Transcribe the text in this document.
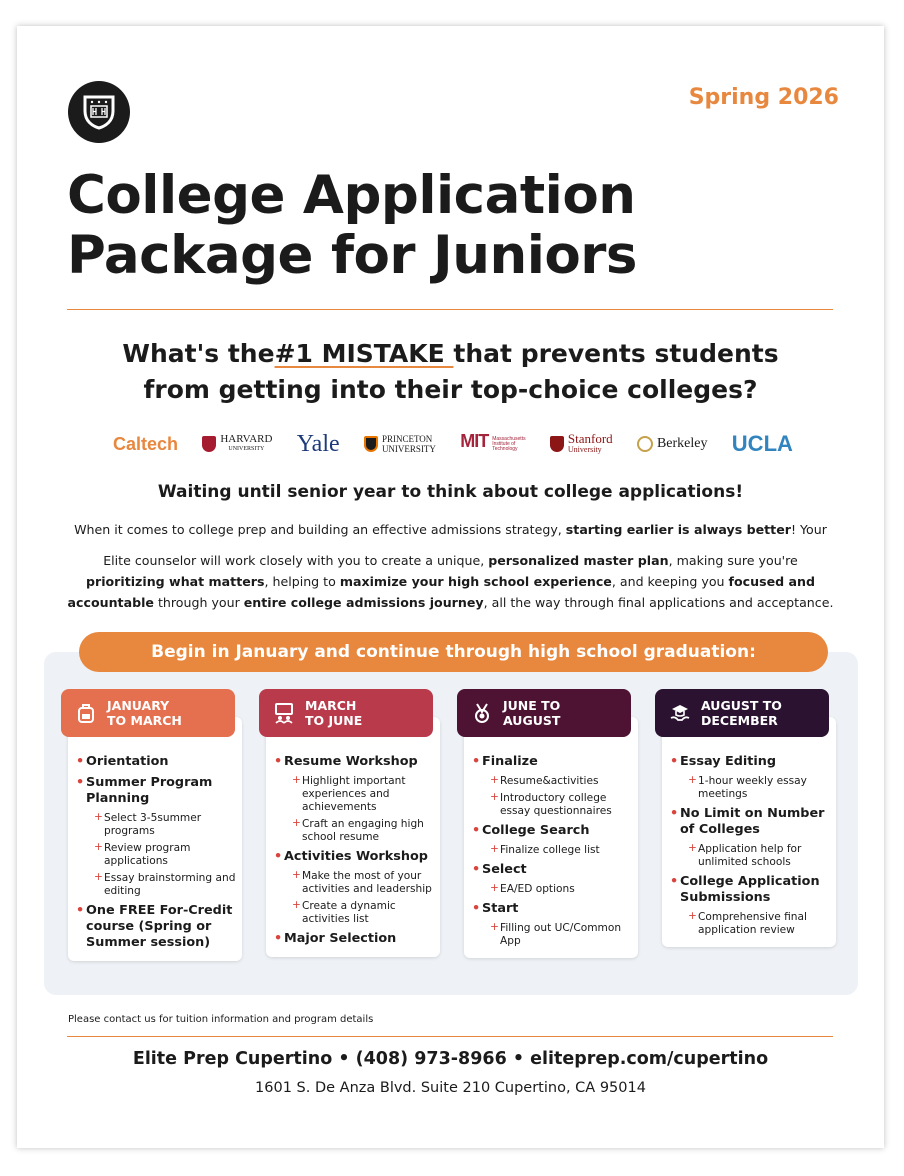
Spring 2026
College Application
Package for Juniors
What's the#1 MISTAKE that prevents students
from getting into their top-choice colleges?
Caltech	HARVARD
UNIVERSITY	Yale	PRINCETON
UNIVERSITY MIT Massachusetts
Institute of
Technology
Stanford
University	Berkeley UCLA
Waiting until senior year to think about college applications!
When it comes to college prep and building an effective admissions strategy, starting earlier is always better! Your
Elite counselor will work closely with you to create a unique, personalized master plan, making sure you're prioritizing what matters, helping to maximize your high school experience, and keeping you focused and accountable through your entire college admissions journey, all the way through final applications and acceptance.
Begin in January and continue through high school graduation:
• Orientation
• Summer Program Planning
+ Select 3-5summer programs
+ Review program applications
+ Essay brainstorming and editing
• One FREE For-Credit course (Spring or Summer session)
JANUARY
TO MARCH
• Resume Workshop
+ Highlight important experiences and achievements
+ Craft an engaging high school resume
• Activities Workshop
+ Make the most of your activities and leadership
+ Create a dynamic activities list
• Major Selection
MARCH
TO JUNE
• Finalize
+ Resume&activities
+ Introductory college essay questionnaires
• College Search
+ Finalize college list
• Select
+ EA/ED options
• Start
+ Filling out UC/Common App
JUNE TO
AUGUST
• Essay Editing
+ 1-hour weekly essay meetings
• No Limit on Number of Colleges
+ Application help for unlimited schools
• College Application Submissions
+ Comprehensive final application review
AUGUST TO
DECEMBER
Please contact us for tuition information and program details
Elite Prep Cupertino • (408) 973-8966 • eliteprep.com/cupertino
1601 S. De Anza Blvd. Suite 210 Cupertino, CA 95014
